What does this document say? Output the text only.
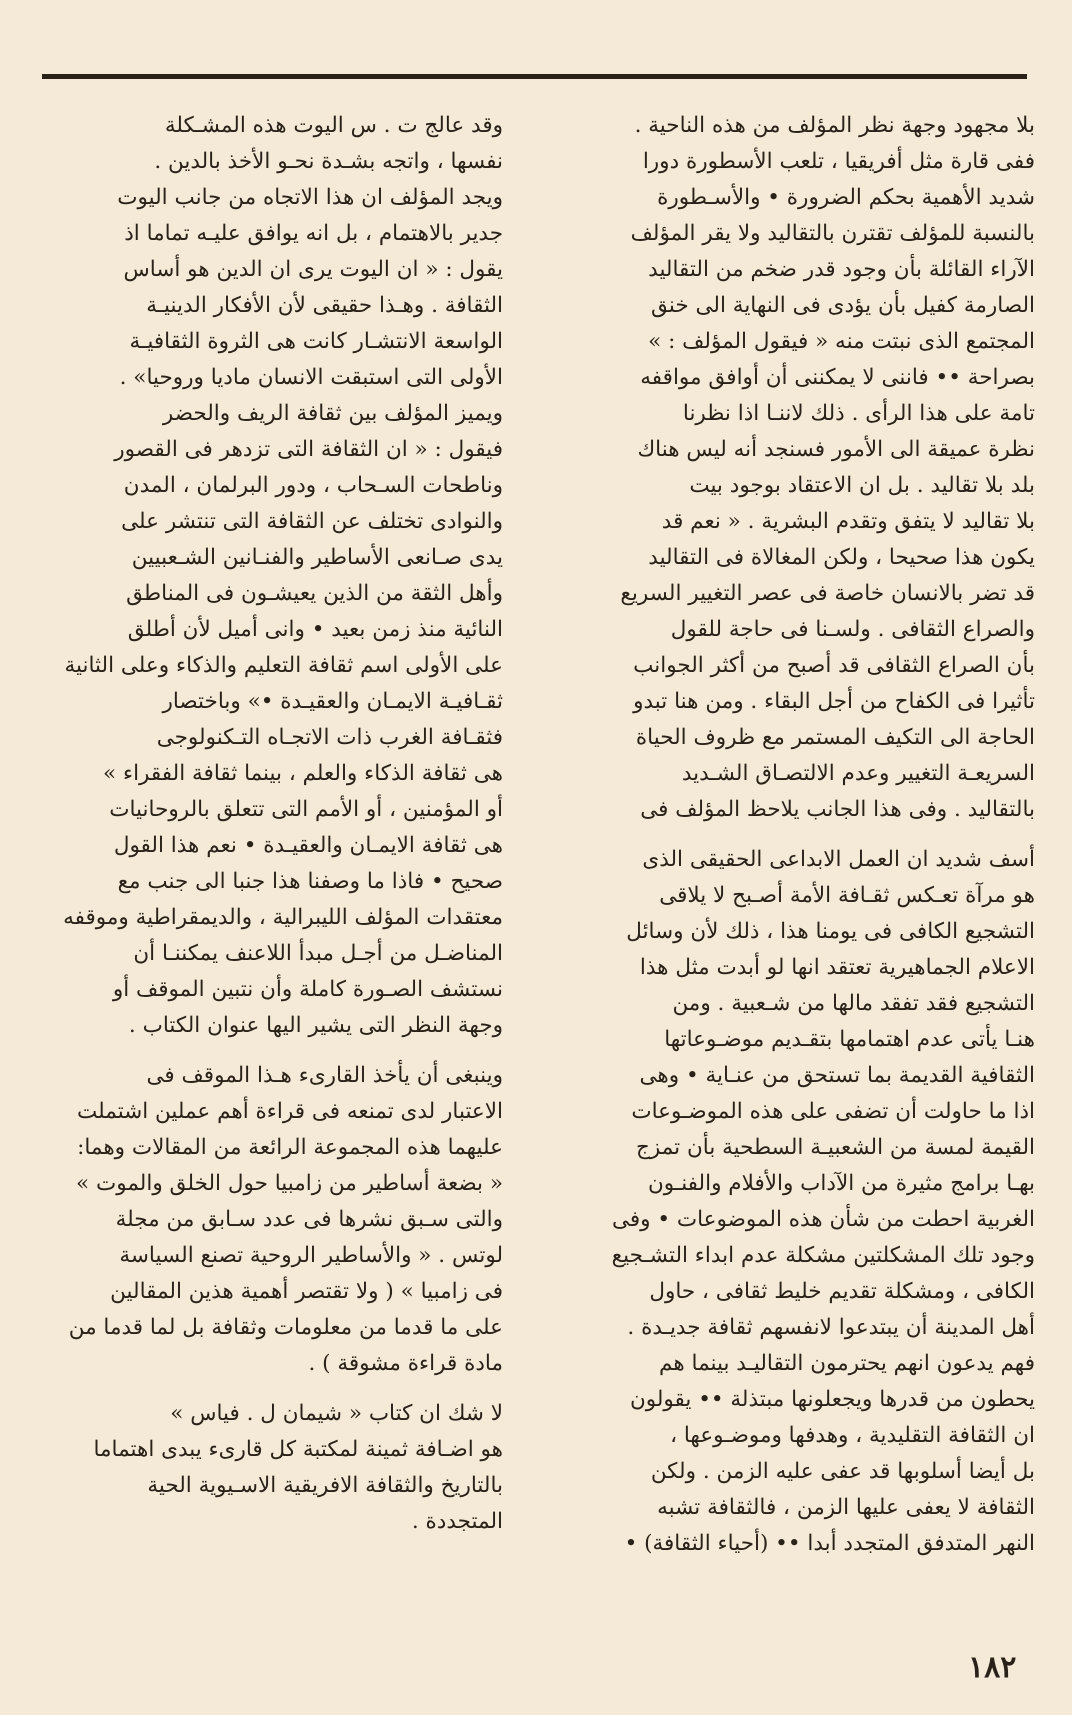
بلا مجهود وجهة نظر المؤلف من هذه الناحية .
ففى قارة مثل أفريقيا ، تلعب الأسطورة دورا
شديد الأهمية بحكم الضرورة • والأسـطورة
بالنسبة للمؤلف تقترن بالتقاليد ولا يقر المؤلف
الآراء القائلة بأن وجود قدر ضخم من التقاليد
الصارمة كفيل بأن يؤدى فى النهاية الى خنق
المجتمع الذى نبتت منه « فيقول المؤلف : »
بصراحة •• فاننى لا يمكننى أن أوافق مواقفه
تامة على هذا الرأى . ذلك لاننـا اذا نظرنا
نظرة عميقة الى الأمور فسنجد أنه ليس هناك
بلد بلا تقاليد . بل ان الاعتقاد بوجود بيت
بلا تقاليد لا يتفق وتقدم البشرية . « نعم قد
يكون هذا صحيحا ، ولكن المغالاة فى التقاليد
قد تضر بالانسان خاصة فى عصر التغيير السريع
والصراع الثقافى . ولسـنا فى حاجة للقول
بأن الصراع الثقافى قد أصبح من أكثر الجوانب
تأثيرا فى الكفاح من أجل البقاء . ومن هنا تبدو
الحاجة الى التكيف المستمر مع ظروف الحياة
السريعـة التغيير وعدم الالتصـاق الشـديد
بالتقاليد . وفى هذا الجانب يلاحظ المؤلف فى

أسف شديد ان العمل الابداعى الحقيقى الذى
هو مرآة تعـكس ثقـافة الأمة أصـبح لا يلاقى
التشجيع الكافى فى يومنا هذا ، ذلك لأن وسائل
الاعلام الجماهيرية تعتقد انها لو أبدت مثل هذا
التشجيع فقد تفقد مالها من شـعبية . ومن
هنـا يأتى عدم اهتمامها بتقـديم موضـوعاتها
الثقافية القديمة بما تستحق من عنـاية • وهى
اذا ما حاولت أن تضفى على هذه الموضـوعات
القيمة لمسة من الشعبيـة السطحية بأن تمزج
بهـا برامج مثيرة من الآداب والأفلام والفنـون
الغربية احطت من شأن هذه الموضوعات • وفى
وجود تلك المشكلتين مشكلة عدم ابداء التشـجيع
الكافى ، ومشكلة تقديم خليط ثقافى ، حاول
أهل المدينة أن يبتدعوا لانفسهم ثقافة جديـدة .
فهم يدعون انهم يحترمون التقاليـد بينما هم
يحطون من قدرها ويجعلونها مبتذلة •• يقولون
ان الثقافة التقليدية ، وهدفها وموضـوعها ،
بل أيضا أسلوبها قد عفى عليه الزمن . ولكن
الثقافة لا يعفى عليها الزمن ، فالثقافة تشبه
النهر المتدفق المتجدد أبدا •• (أحياء الثقافة) •

وقد عالج ت . س اليوت هذه المشـكلة
نفسها ، واتجه بشـدة نحـو الأخذ بالدين .
ويجد المؤلف ان هذا الاتجاه من جانب اليوت
جدير بالاهتمام ، بل انه يوافق عليـه تماما اذ
يقول : « ان اليوت يرى ان الدين هو أساس
الثقافة . وهـذا حقيقى لأن الأفكار الدينيـة
الواسعة الانتشـار كانت هى الثروة الثقافيـة
الأولى التى استبقت الانسان ماديا وروحيا» .

ويميز المؤلف بين ثقافة الريف والحضر
فيقول : « ان الثقافة التى تزدهر فى القصور
وناطحات السـحاب ، ودور البرلمان ، المدن
والنوادى تختلف عن الثقافة التى تنتشر على
يدى صـانعى الأساطير والفنـانين الشـعبيين
وأهل الثقة من الذين يعيشـون فى المناطق
النائية منذ زمن بعيد • وانى أميل لأن أطلق
على الأولى اسم ثقافة التعليم والذكاء وعلى الثانية
ثقـافيـة الايمـان والعقيـدة •» وباختصار
فثقـافة الغرب ذات الاتجـاه التـكنولوجى
هى ثقافة الذكاء والعلم ، بينما ثقافة الفقراء »
أو المؤمنين ، أو الأمم التى تتعلق بالروحانيات
هى ثقافة الايمـان والعقيـدة • نعم هذا القول
صحيح • فاذا ما وصفنا هذا جنبا الى جنب مع
معتقدات المؤلف الليبرالية ، والديمقراطية وموقفه
المناضـل من أجـل مبدأ اللاعنف يمكننـا أن
نستشف الصـورة كاملة وأن نتبين الموقف أو
وجهة النظر التى يشير اليها عنوان الكتاب .

وينبغى أن يأخذ القارىء هـذا الموقف فى
الاعتبار لدى تمنعه فى قراءة أهم عملين اشتملت
عليهما هذه المجموعة الرائعة من المقالات وهما:
« بضعة أساطير من زامبيا حول الخلق والموت »
والتى سـبق نشرها فى عدد سـابق من مجلة
لوتس . « والأساطير الروحية تصنع السياسة
فى زامبيا » ( ولا تقتصر أهمية هذين المقالين
على ما قدما من معلومات وثقافة بل لما قدما من
مادة قراءة مشوقة ) .

لا شك ان كتاب « شيمان ل . فياس »
هو اضـافة ثمينة لمكتبة كل قارىء يبدى اهتماما
بالتاريخ والثقافة الافريقية الاسـيوية الحية
المتجددة .

١٨٢
